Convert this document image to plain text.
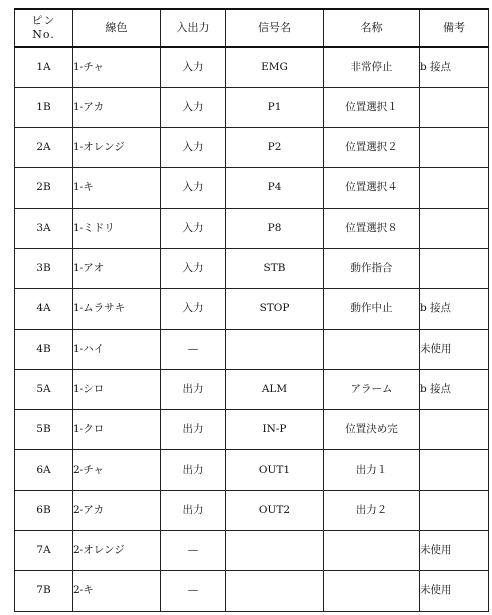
ピン
No.	線色	入出力	信号名	名称	備考
1A	1-チャ	入力	EMG	非常停止	b 接点
1B	1-アカ	入力	P1	位置選択１	
2A	1-オレンジ	入力	P2	位置選択２	
2B	1-キ	入力	P4	位置選択４	
3A	1-ミドリ	入力	P8	位置選択８	
3B	1-アオ	入力	STB	動作指合	
4A	1-ムラサキ	入力	STOP	動作中止	b 接点
4B	1-ハイ	—			未使用
5A	1-シロ	出力	ALM	アラーム	b 接点
5B	1-クロ	出力	IN-P	位置決め完	
6A	2-チャ	出力	OUT1	出力１	
6B	2-アカ	出力	OUT2	出力２	
7A	2-オレンジ	—			未使用
7B	2-キ	—			未使用
